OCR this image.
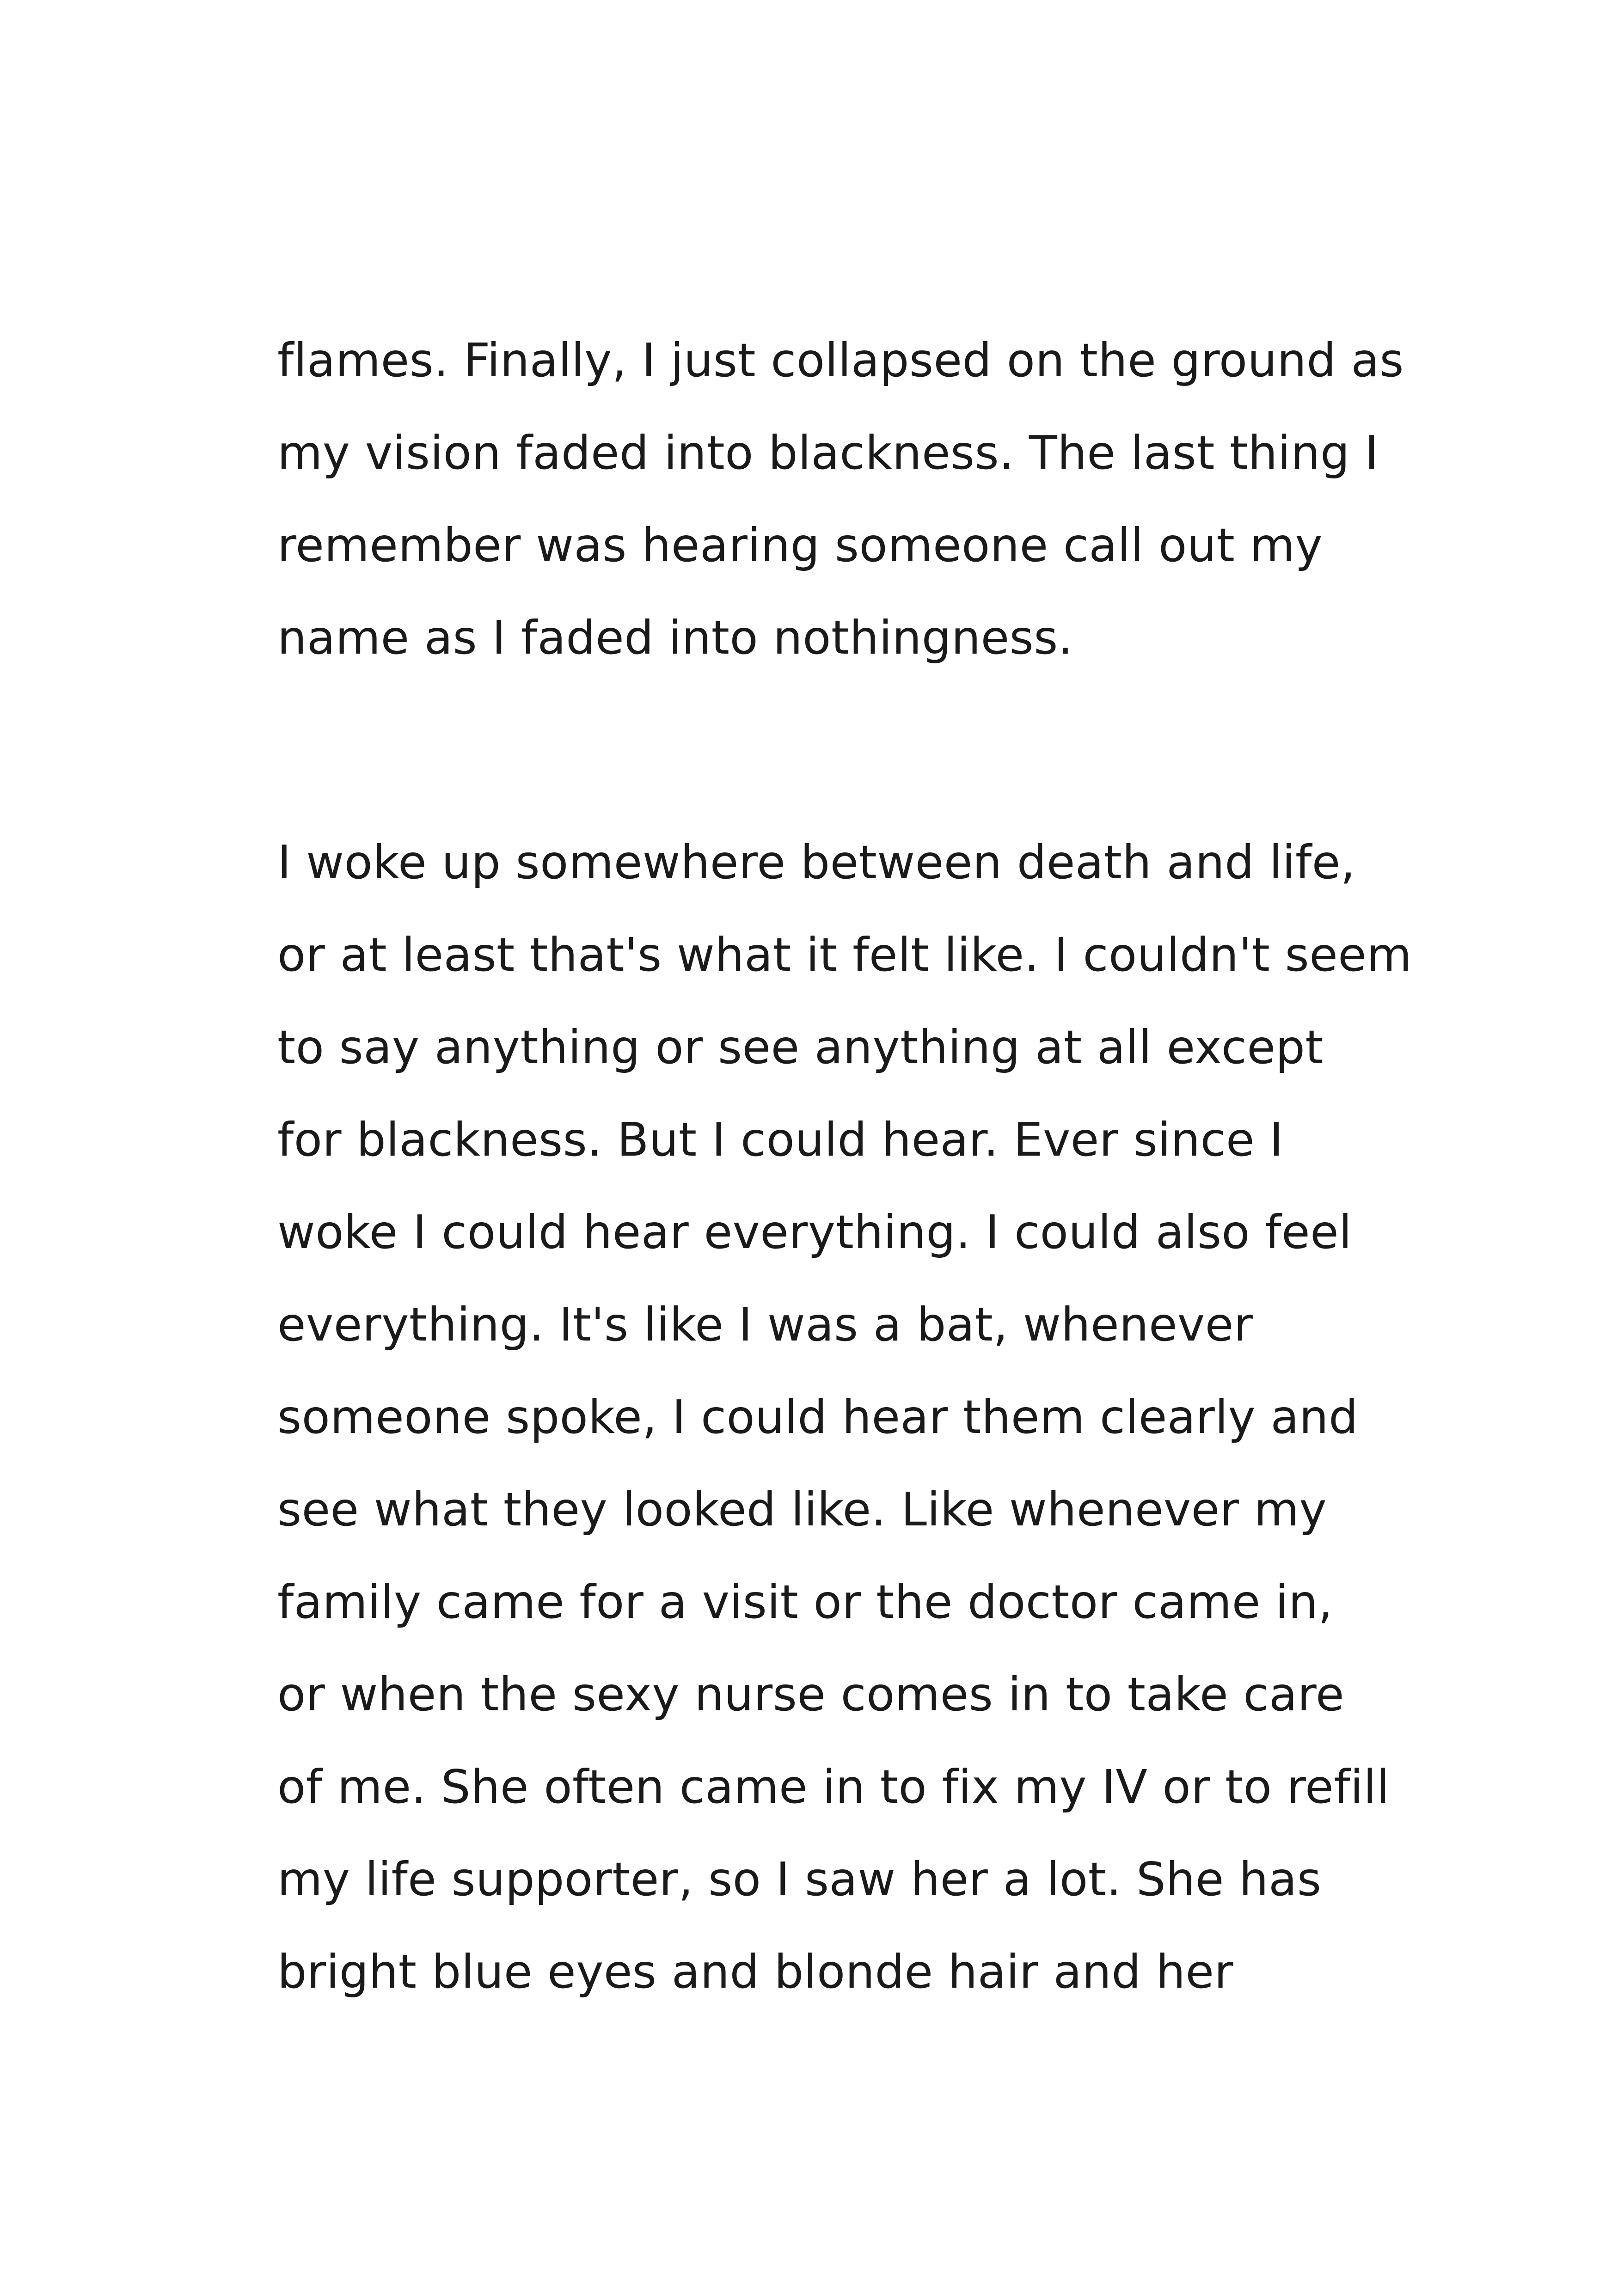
flames. Finally, I just collapsed on the ground as
my vision faded into blackness. The last thing I
remember was hearing someone call out my
name as I faded into nothingness.
I woke up somewhere between death and life,
or at least that's what it felt like. I couldn't seem
to say anything or see anything at all except
for blackness. But I could hear. Ever since I
woke I could hear everything. I could also feel
everything. It's like I was a bat, whenever
someone spoke, I could hear them clearly and
see what they looked like. Like whenever my
family came for a visit or the doctor came in,
or when the sexy nurse comes in to take care
of me. She often came in to fix my IV or to refill
my life supporter, so I saw her a lot. She has
bright blue eyes and blonde hair and her
